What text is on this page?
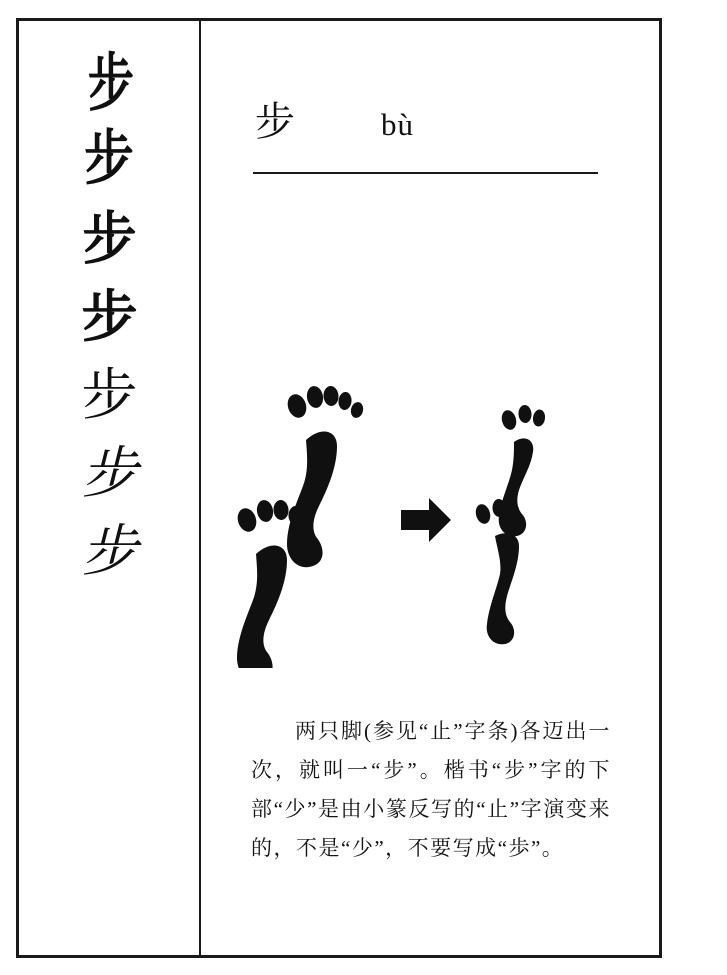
步
步
步
步
步
步
步
步	bù
两只脚(参见“止”字条)各迈出一次，就叫一“步”。楷书“步”字的下部“少”是由小篆反写的“止”字演变来的，不是“少”，不要写成“歩”。
